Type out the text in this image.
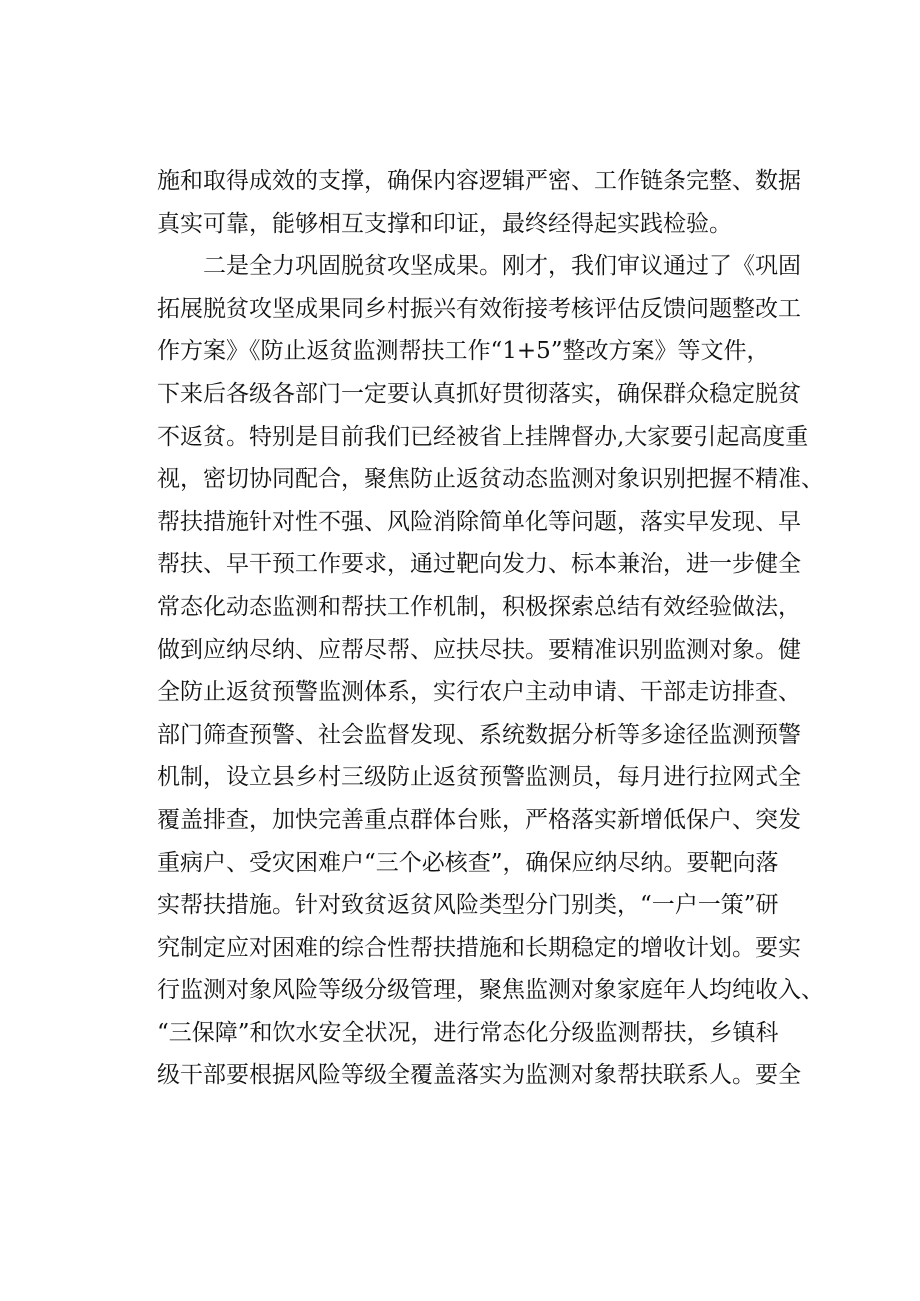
施和取得成效的支撑，确保内容逻辑严密、工作链条完整、数据
真实可靠，能够相互支撑和印证，最终经得起实践检验。
二是全力巩固脱贫攻坚成果。刚才，我们审议通过了《巩固
拓展脱贫攻坚成果同乡村振兴有效衔接考核评估反馈问题整改工
作方案》《防止返贫监测帮扶工作“1+5”整改方案》等文件，
下来后各级各部门一定要认真抓好贯彻落实，确保群众稳定脱贫
不返贫。特别是目前我们已经被省上挂牌督办,大家要引起高度重
视，密切协同配合，聚焦防止返贫动态监测对象识别把握不精准、
帮扶措施针对性不强、风险消除简单化等问题，落实早发现、早
帮扶、早干预工作要求，通过靶向发力、标本兼治，进一步健全
常态化动态监测和帮扶工作机制，积极探索总结有效经验做法，
做到应纳尽纳、应帮尽帮、应扶尽扶。要精准识别监测对象。健
全防止返贫预警监测体系，实行农户主动申请、干部走访排查、
部门筛查预警、社会监督发现、系统数据分析等多途径监测预警
机制，设立县乡村三级防止返贫预警监测员，每月进行拉网式全
覆盖排查，加快完善重点群体台账，严格落实新增低保户、突发
重病户、受灾困难户“三个必核查”，确保应纳尽纳。要靶向落
实帮扶措施。针对致贫返贫风险类型分门别类，“一户一策”研
究制定应对困难的综合性帮扶措施和长期稳定的增收计划。要实
行监测对象风险等级分级管理，聚焦监测对象家庭年人均纯收入、
“三保障”和饮水安全状况，进行常态化分级监测帮扶，乡镇科
级干部要根据风险等级全覆盖落实为监测对象帮扶联系人。要全
